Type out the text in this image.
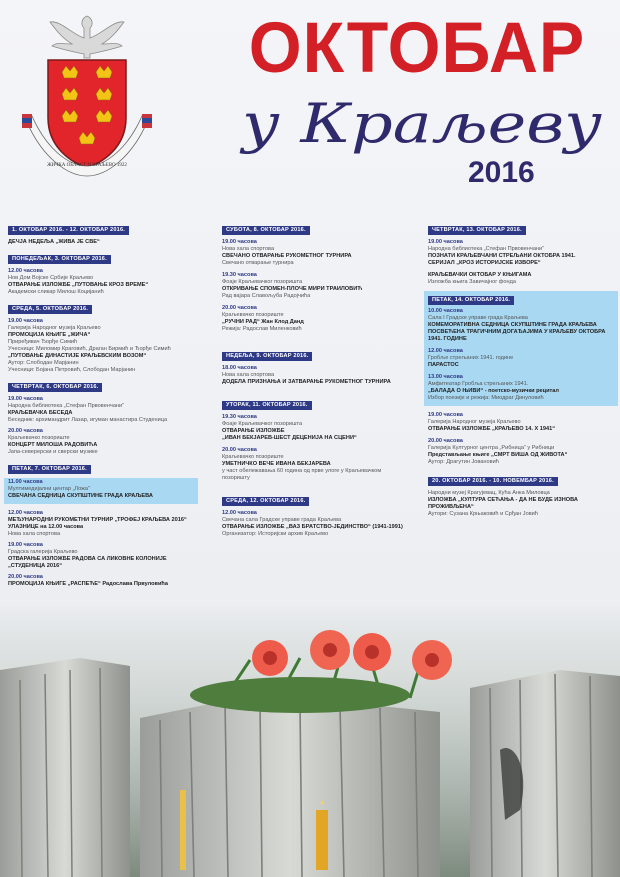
ЖИЧКА ОБЛАСТ И КРАЉЕВО 1922
ОКТОБАР
у Краљеву
2016
1. ОКТОБАР 2016. - 12. ОКТОБАР 2016.
ДЕЧЈА НЕДЕЉА „ЖИВА ЈЕ СВЕ“
ПОНЕДЕЉАК, 3. ОКТОБАР 2016.
12.00 часова
Нов Дом Војске Србије Краљево
ОТВАРАЊЕ ИЗЛОЖБЕ „ПУТОВАЊЕ КРОЗ ВРЕМЕ“
Академски сликар Милош Коцијанић
СРЕДА, 5. ОКТОБАР 2016.
19.00 часова
Галерија Народног музеја Краљево
ПРОМОЦИЈА КЊИГЕ „ЖИЧА“
Приређивач Ђорђе Симић
Учесници: Миломир Краговић, Драган Бирмић и Ђорђе Симић
„ПУТОВАЊЕ ДИНАСТИЈЕ КРАЉЕВСКИМ ВОЗОМ“
Аутор: Слободан Марјанин
Учесници: Бојана Петровић, Слободан Марјанин
ЧЕТВРТАК, 6. ОКТОБАР 2016.
19.00 часова
Народна библиотека „Стефан Првовенчани“
КРАЉЕВАЧКА БЕСЕДА
Беседник: архимандрит Лазар, игуман манастира Студеница
20.00 часова
Краљевачко позориште
КОНЦЕРТ МИЛОША РАДОВИЋА
Јапа-северерски и сверски музике
ПЕТАК, 7. ОКТОБАР 2016.
11.00 часова
Мултимедијални центар „Ложа“
СВЕЧАНА СЕДНИЦА СКУПШТИНЕ ГРАДА КРАЉЕВА
12.00 часова
МЕЂУНАРОДНИ РУКОМЕТНИ ТУРНИР „ТРОФЕЈ КРАЉЕВА 2016“
УЛАЗНИЦЕ на 12.00 часова
Нова хала спортова
19.00 часова
Градска галерија Краљево
ОТВАРАЊЕ ИЗЛОЖБЕ РАДОВА СА ЛИКОВНЕ КОЛОНИЈЕ „СТУДЕНИЦА 2016“
20.00 часова
ПРОМОЦИЈА КЊИГЕ „РАСПЕЋЕ“ Радослава Првуловића
СУБОТА, 8. ОКТОБАР 2016.
19.00 часова
Нова хала спортова
СВЕЧАНО ОТВАРАЊЕ РУКОМЕТНОГ ТУРНИРА
Свечано отварање турнира
19.30 часова
Фоаје Краљевачког позоришта
ОТКРИВАЊЕ СПОМЕН-ПЛОЧЕ МИРИ ТРАИЛОВИЋ
Рад вајара Славољуба Радојчића
20.00 часова
Краљевачко позориште
„РУЧНИ РАД“ Жан Клод Данд
Режија: Радослав Миленковић
НЕДЕЉА, 9. ОКТОБАР 2016.
18.00 часова
Нова хала спортова
ДОДЕЛА ПРИЗНАЊА И ЗАТВАРАЊЕ РУКОМЕТНОГ ТУРНИРА
УТОРАК, 11. ОКТОБАР 2016.
19.30 часова
Фоаје Краљевачког позоришта
ОТВАРАЊЕ ИЗЛОЖБЕ
„ИВАН БЕКЈАРЕВ-ШЕСТ ДЕЦЕНИЈА НА СЦЕНИ“
20.00 часова
Краљевачко позориште
УМЕТНИЧКО ВЕЧЕ ИВАНА БЕКЈАРЕВА
у част обележавања 60 година од прве улоге у Краљевачком позоришту
СРЕДА, 12. ОКТОБАР 2016.
12.00 часова
Свечана сала Градске управе града Краљева
ОТВАРАЊЕ ИЗЛОЖБЕ „ВАЗ БРАТСТВО-ЈЕДИНСТВО“ (1941-1991)
Организатор: Историјски архив Краљево
ЧЕТВРТАК, 13. ОКТОБАР 2016.
19.00 часова
Народна библиотека „Стефан Првовенчани“
ПОЗНАТИ КРАЉЕВЧАНИ СТРЕЉАНИ ОКТОБРА 1941.
СЕРИЈАЛ „КРОЗ ИСТОРИЈСКЕ ИЗВОРЕ“
КРАЉЕВАЧКИ ОКТОБАР У КЊИГАМА
Изложба књига Завичајног фонда
ПЕТАК, 14. ОКТОБАР 2016.
10.00 часова
Сала I Градске управе града Краљева
КОМЕМОРАТИВНА СЕДНИЦА СКУПШТИНЕ ГРАДА КРАЉЕВА ПОСВЕЋЕНА ТРАГИЧНИМ ДОГАЂАЈИМА У КРАЉЕВУ ОКТОБРА 1941. ГОДИНЕ
12.00 часова
Гробље стрељаних 1941. године
ПАРАСТОС
13.00 часова
Амфитеатар Гробља стрељаних 1941.
„БАЛАДА О ЊИВИ“ - поетско-музички рецитал
Избор поезије и режија: Миодраг Динуловић
19.00 часова
Галерија Народног музеја Краљево
ОТВАРАЊЕ ИЗЛОЖБЕ „КРАЉЕВО 14. X 1941“
20.00 часова
Галерија Културног центра „Рибница“ у Рибници
Представљање књиге „СМРТ ВИША ОД ЖИВОТА“
Аутор: Драгутин Јовановић
20. ОКТОБАР 2016. - 10. НОВЕМБАР 2016.
Народни музеј Крагујевац, Кућа Анка Миловца
ИЗЛОЖБА „КУЛТУРА СЕЋАЊА - ДА НЕ БУДЕ ИЗНОВА ПРОЖИВЉЕНА“
Аутори: Сузана Крњаковић и Срђан Јовић
